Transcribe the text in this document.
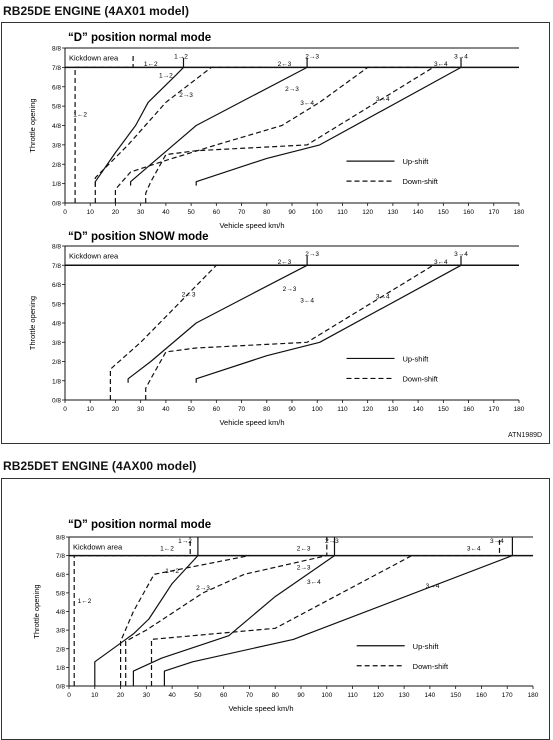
RB25DE ENGINE (4AX01 model)
ATN1989D
RB25DET ENGINE (4AX00 model)
“D” position normal mode
Kickdown area
0	10	20	30	40	50	60	70	80	90 100 110 120 130 140 150 160 170 180
0/8
1/8
2/8
3/8
4/8
5/8
6/8
7/8
8/8
Vehicle speed km/h
Throttle opening
1→2
1←2
2→3
2←3
3→4
3←4
1→2
2→3
1←2
2→3
3←4
3→4
Up-shift
Down-shift
“D” position SNOW mode
Kickdown area
0	10	20	30	40	50	60	70	80	90 100 110 120 130 140 150 160 170 180
0/8
1/8
2/8
3/8
4/8
5/8
6/8
7/8
8/8
Vehicle speed km/h
Throttle opening
2→3
2←3
3→4
3←4
2←3
2→3
3←4
3→4
Up-shift
Down-shift
“D” position normal mode
Kickdown area
0	10	20	30	40	50	60	70	80	90	100 110 120 130 140 150 160 170 180
0/8
1/8
2/8
3/8
4/8
5/8
6/8
7/8
8/8
Vehicle speed km/h
Throttle opening
1→2
1←2
2→3
2←3
3→4
3←4
1→2
2→3
1←2
2→3
3←4
3→4
Up-shift
Down-shift
